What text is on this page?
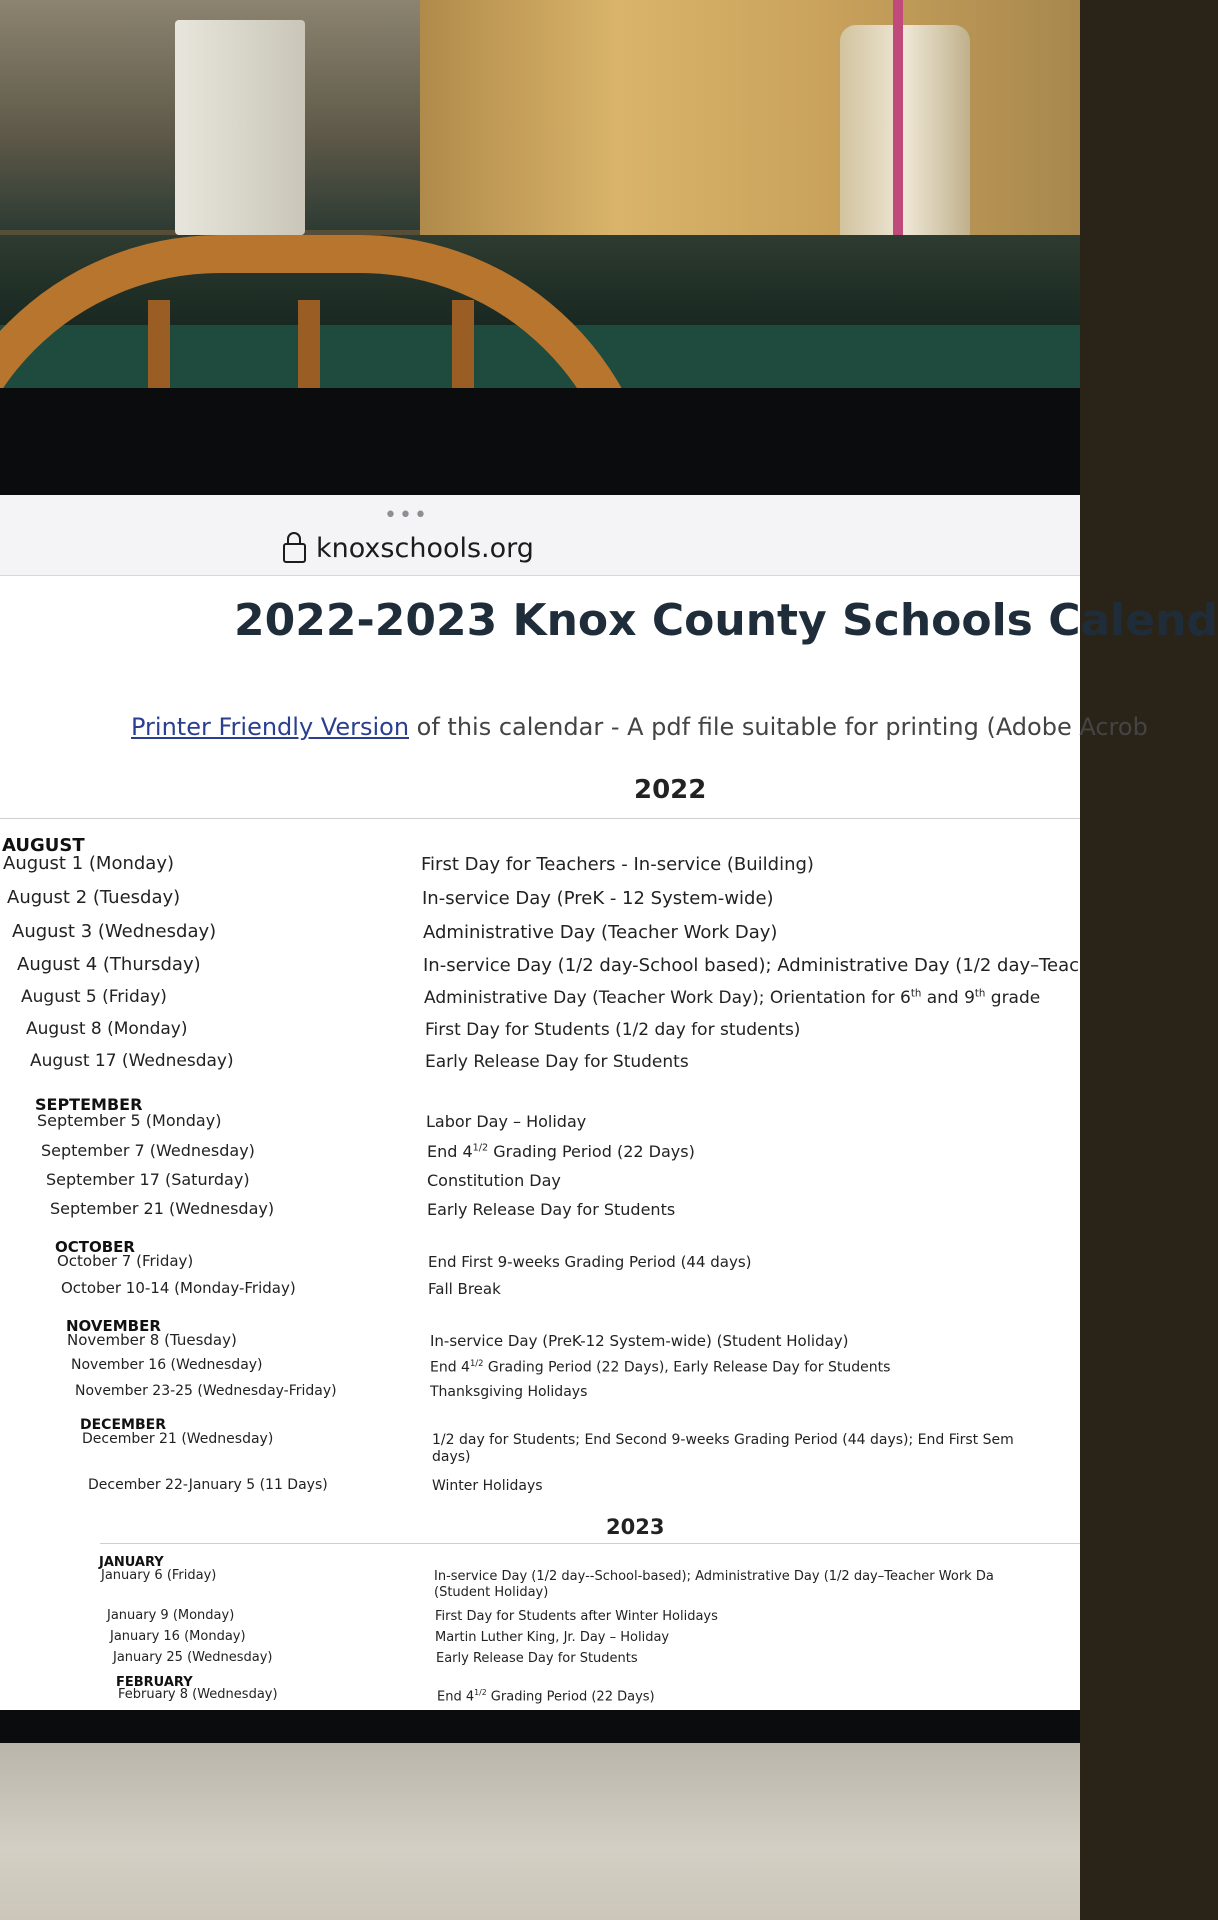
•••
knoxschools.org
2022-2023 Knox County Schools Calend
Printer Friendly Version of this calendar - A pdf file suitable for printing (Adobe Acrob
2022
AUGUST
SEPTEMBER
OCTOBER
NOVEMBER
DECEMBER
JANUARY
FEBRUARY
August 1 (Monday)	First Day for Teachers - In-service (Building)
August 2 (Tuesday)	In-service Day (PreK - 12 System-wide)
August 3 (Wednesday)	Administrative Day (Teacher Work Day)
August 4 (Thursday)	In-service Day (1/2 day-School based); Administrative Day (1/2 day–Teac
August 5 (Friday)	Administrative Day (Teacher Work Day); Orientation for 6th and 9th grade
August 8 (Monday)	First Day for Students (1/2 day for students)
August 17 (Wednesday)	Early Release Day for Students
September 5 (Monday)	Labor Day – Holiday
September 7 (Wednesday)	End $4^{1/2}$ Grading Period (22 Days)
September 17 (Saturday)	Constitution Day
September 21 (Wednesday)	Early Release Day for Students
October 7 (Friday)	End First 9-weeks Grading Period (44 days)
October 10-14 (Monday-Friday)	Fall Break
November 8 (Tuesday)	In-service Day (PreK-12 System-wide) (Student Holiday)
November 16 (Wednesday)	End $4^{1/2}$ Grading Period (22 Days), Early Release Day for Students
November 23-25 (Wednesday-Friday)	Thanksgiving Holidays
December 21 (Wednesday)	1/2 day for Students; End Second 9-weeks Grading Period (44 days); End First Sem
days)
December 22-January 5 (11 Days)	Winter Holidays
January 6 (Friday)	In-service Day (1/2 day--School-based); Administrative Day (1/2 day–Teacher Work Da
(Student Holiday)
January 9 (Monday)	First Day for Students after Winter Holidays
January 16 (Monday)	Martin Luther King, Jr. Day – Holiday
January 25 (Wednesday)	Early Release Day for Students
February 8 (Wednesday)	End $4^{1/2}$ Grading Period (22 Days)
2023
